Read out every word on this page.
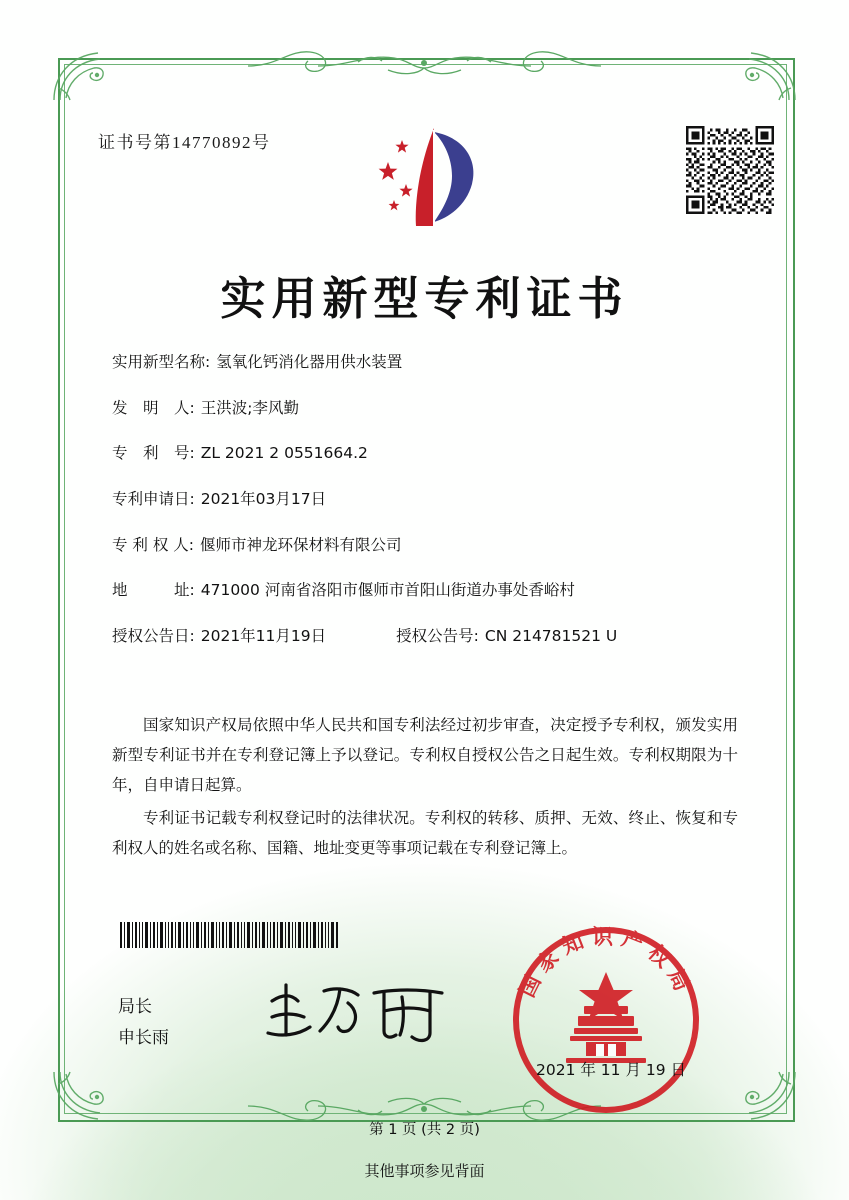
证书号第14770892号
实用新型专利证书
实用新型名称: 氢氧化钙消化器用供水装置
发　明　人: 王洪波;李风勤
专　利　号: ZL 2021 2 0551664.2
专利申请日: 2021年03月17日
专 利 权 人: 偃师市神龙环保材料有限公司
地　　　址: 471000 河南省洛阳市偃师市首阳山街道办事处香峪村
授权公告日: 2021年11月19日	授权公告号: CN 214781521 U

国家知识产权局依照中华人民共和国专利法经过初步审查，决定授予专利权，颁发实用新型专利证书并在专利登记簿上予以登记。专利权自授权公告之日起生效。专利权期限为十年，自申请日起算。

专利证书记载专利权登记时的法律状况。专利权的转移、质押、无效、终止、恢复和专利权人的姓名或名称、国籍、地址变更等事项记载在专利登记簿上。

局长
申长雨
国家知识产权局
2021 年 11 月 19 日
第 1 页 (共 2 页)
其他事项参见背面
